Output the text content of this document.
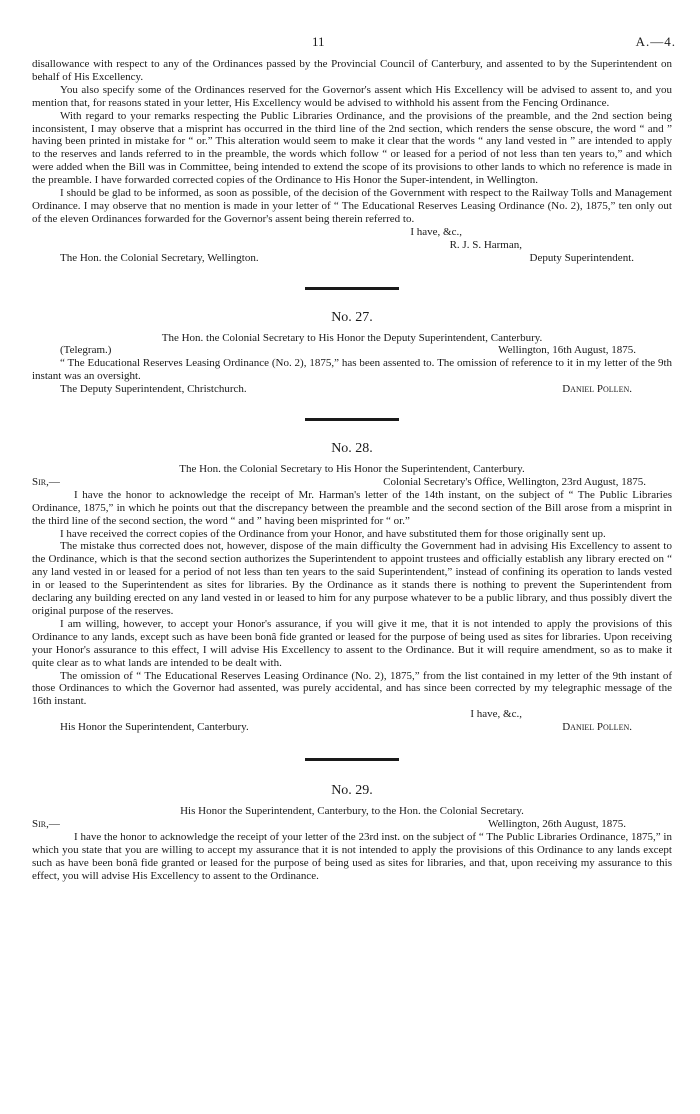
11	A.—4.

disallowance with respect to any of the Ordinances passed by the Provincial Council of Canterbury, and assented to by the Superintendent on behalf of His Excellency.

You also specify some of the Ordinances reserved for the Governor's assent which His Excellency will be advised to assent to, and you mention that, for reasons stated in your letter, His Excellency would be advised to withhold his assent from the Fencing Ordinance.

With regard to your remarks respecting the Public Libraries Ordinance, and the provisions of the preamble, and the 2nd section being inconsistent, I may observe that a misprint has occurred in the third line of the 2nd section, which renders the sense obscure, the word “ and ” having been printed in mistake for “ or.” This alteration would seem to make it clear that the words “ any land vested in ” are intended to apply to the reserves and lands referred to in the preamble, the words which follow “ or leased for a period of not less than ten years to,” and which were added when the Bill was in Committee, being intended to extend the scope of its provisions to other lands to which no reference is made in the preamble. I have forwarded corrected copies of the Ordinance to His Honor the Super-intendent, in Wellington.

I should be glad to be informed, as soon as possible, of the decision of the Government with respect to the Railway Tolls and Management Ordinance. I may observe that no mention is made in your letter of “ The Educational Reserves Leasing Ordinance (No. 2), 1875,” ten only out of the eleven Ordinances forwarded for the Governor's assent being therein referred to.

I have, &c.,

R. J. S. Harman,

The Hon. the Colonial Secretary, Wellington.	Deputy Superintendent.
No. 27.

The Hon. the Colonial Secretary to His Honor the Deputy Superintendent, Canterbury.

(Telegram.)	Wellington, 16th August, 1875.

“ The Educational Reserves Leasing Ordinance (No. 2), 1875,” has been assented to. The omission of reference to it in my letter of the 9th instant was an oversight.

The Deputy Superintendent, Christchurch.	Daniel Pollen.
No. 28.

The Hon. the Colonial Secretary to His Honor the Superintendent, Canterbury.

Sir,—	Colonial Secretary's Office, Wellington, 23rd August, 1875.

I have the honor to acknowledge the receipt of Mr. Harman's letter of the 14th instant, on the subject of “ The Public Libraries Ordinance, 1875,” in which he points out that the discrepancy between the preamble and the second section of the Bill arose from a misprint in the third line of the second section, the word “ and ” having been misprinted for “ or.”

I have received the correct copies of the Ordinance from your Honor, and have substituted them for those originally sent up.

The mistake thus corrected does not, however, dispose of the main difficulty the Government had in advising His Excellency to assent to the Ordinance, which is that the second section authorizes the Superintendent to appoint trustees and officially establish any library erected on “ any land vested in or leased for a period of not less than ten years to the said Superintendent,” instead of confining its operation to lands vested in or leased to the Superintendent as sites for libraries. By the Ordinance as it stands there is nothing to prevent the Superintendent from declaring any building erected on any land vested in or leased to him for any purpose whatever to be a public library, and thus possibly divert the original purpose of the reserves.

I am willing, however, to accept your Honor's assurance, if you will give it me, that it is not intended to apply the provisions of this Ordinance to any lands, except such as have been bonâ fide granted or leased for the purpose of being used as sites for libraries. Upon receiving your Honor's assurance to this effect, I will advise His Excellency to assent to the Ordinance. But it will require amendment, so as to make it quite clear as to what lands are intended to be dealt with.

The omission of “ The Educational Reserves Leasing Ordinance (No. 2), 1875,” from the list contained in my letter of the 9th instant of those Ordinances to which the Governor had assented, was purely accidental, and has since been corrected by my telegraphic message of the 16th instant.

I have, &c.,

His Honor the Superintendent, Canterbury.	Daniel Pollen.
No. 29.

His Honor the Superintendent, Canterbury, to the Hon. the Colonial Secretary.

Sir,—	Wellington, 26th August, 1875.

I have the honor to acknowledge the receipt of your letter of the 23rd inst. on the subject of “ The Public Libraries Ordinance, 1875,” in which you state that you are willing to accept my assurance that it is not intended to apply the provisions of this Ordinance to any lands except such as have been bonâ fide granted or leased for the purpose of being used as sites for libraries, and that, upon receiving my assurance to this effect, you will advise His Excellency to assent to the Ordinance.
